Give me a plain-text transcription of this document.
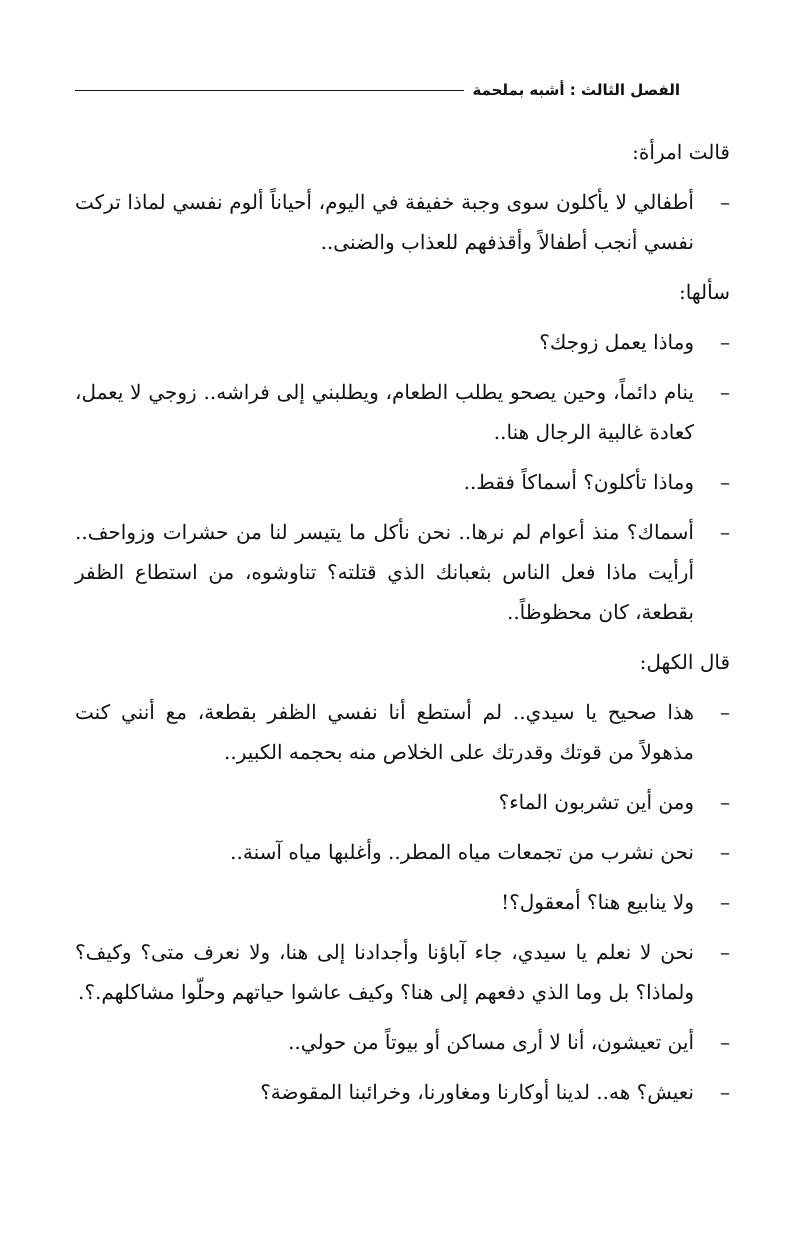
الفصل الثالث : أشبه بملحمة

قالت امرأة:

–
أطفالي لا يأكلون سوى وجبة خفيفة في اليوم، أحياناً ألوم نفسي لماذا تركت نفسي أنجب أطفالاً وأقذفهم للعذاب والضنى..

سألها:

–
وماذا يعمل زوجك؟
–
ينام دائماً، وحين يصحو يطلب الطعام، ويطلبني إلى فراشه.. زوجي لا يعمل، كعادة غالبية الرجال هنا..
–
وماذا تأكلون؟ أسماكاً فقط..
–
أسماك؟ منذ أعوام لم نرها.. نحن نأكل ما يتيسر لنا من حشرات وزواحف.. أرأيت ماذا فعل الناس بثعبانك الذي قتلته؟ تناوشوه، من استطاع الظفر بقطعة، كان محظوظاً..

قال الكهل:

–
هذا صحيح يا سيدي.. لم أستطع أنا نفسي الظفر بقطعة، مع أنني كنت مذهولاً من قوتك وقدرتك على الخلاص منه بحجمه الكبير..
–
ومن أين تشربون الماء؟
–
نحن نشرب من تجمعات مياه المطر.. وأغلبها مياه آسنة..
–
ولا ينابيع هنا؟ أمعقول؟!
–
نحن لا نعلم يا سيدي، جاء آباؤنا وأجدادنا إلى هنا، ولا نعرف متى؟ وكيف؟ ولماذا؟ بل وما الذي دفعهم إلى هنا؟ وكيف عاشوا حياتهم وحلّوا مشاكلهم.؟.
–
أين تعيشون، أنا لا أرى مساكن أو بيوتاً من حولي..
–
نعيش؟ هه.. لدينا أوكارنا ومغاورنا، وخرائبنا المقوضة؟
